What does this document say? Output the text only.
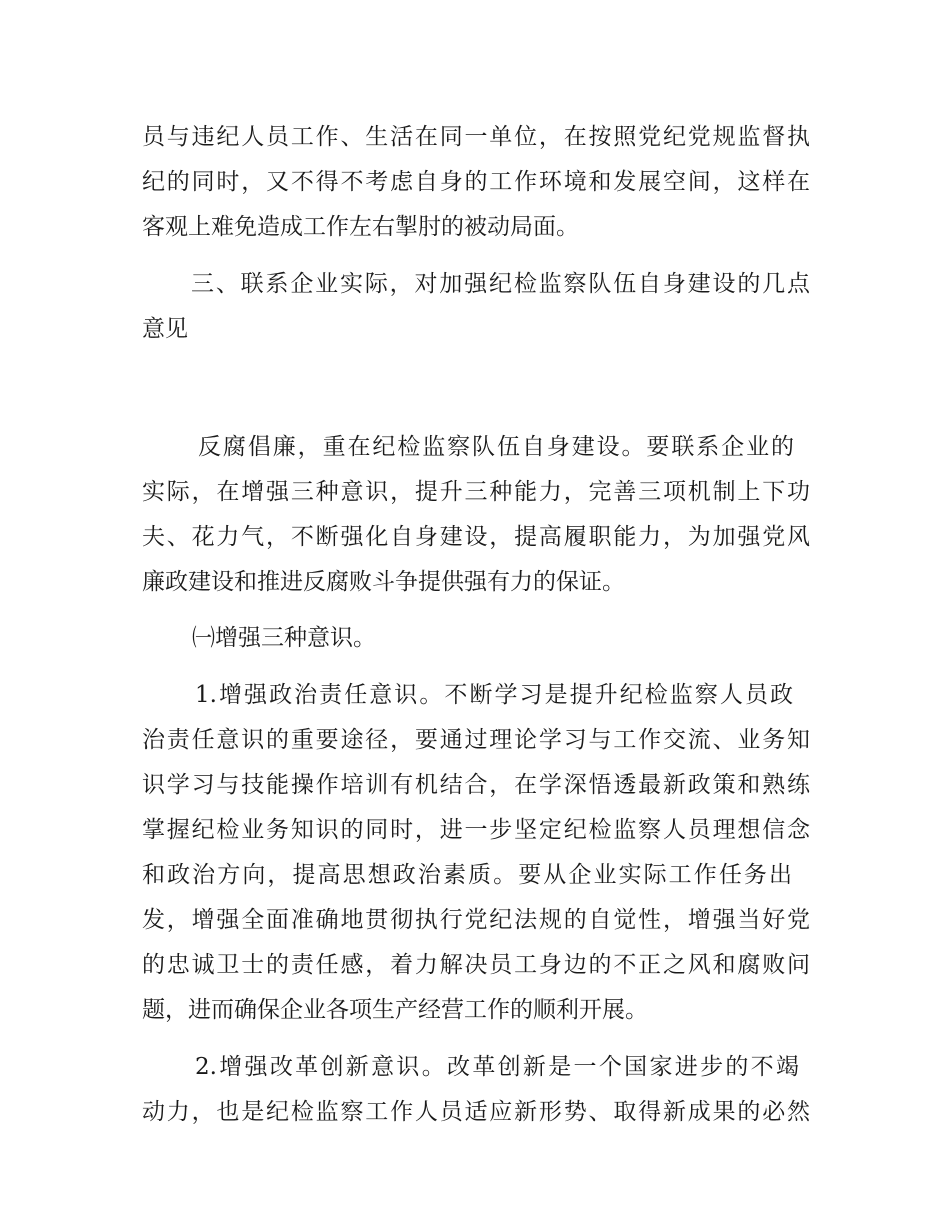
员与违纪人员工作、生活在同一单位，在按照党纪党规监督执
纪的同时，又不得不考虑自身的工作环境和发展空间，这样在
客观上难免造成工作左右掣肘的被动局面。
三、联系企业实际，对加强纪检监察队伍自身建设的几点
意见
反腐倡廉，重在纪检监察队伍自身建设。要联系企业的
实际，在增强三种意识，提升三种能力，完善三项机制上下功
夫、花力气，不断强化自身建设，提高履职能力，为加强党风
廉政建设和推进反腐败斗争提供强有力的保证。
㈠增强三种意识。
1.增强政治责任意识。不断学习是提升纪检监察人员政
治责任意识的重要途径，要通过理论学习与工作交流、业务知
识学习与技能操作培训有机结合，在学深悟透最新政策和熟练
掌握纪检业务知识的同时，进一步坚定纪检监察人员理想信念
和政治方向，提高思想政治素质。要从企业实际工作任务出
发，增强全面准确地贯彻执行党纪法规的自觉性，增强当好党
的忠诚卫士的责任感，着力解决员工身边的不正之风和腐败问
题，进而确保企业各项生产经营工作的顺利开展。
2.增强改革创新意识。改革创新是一个国家进步的不竭
动力，也是纪检监察工作人员适应新形势、取得新成果的必然
